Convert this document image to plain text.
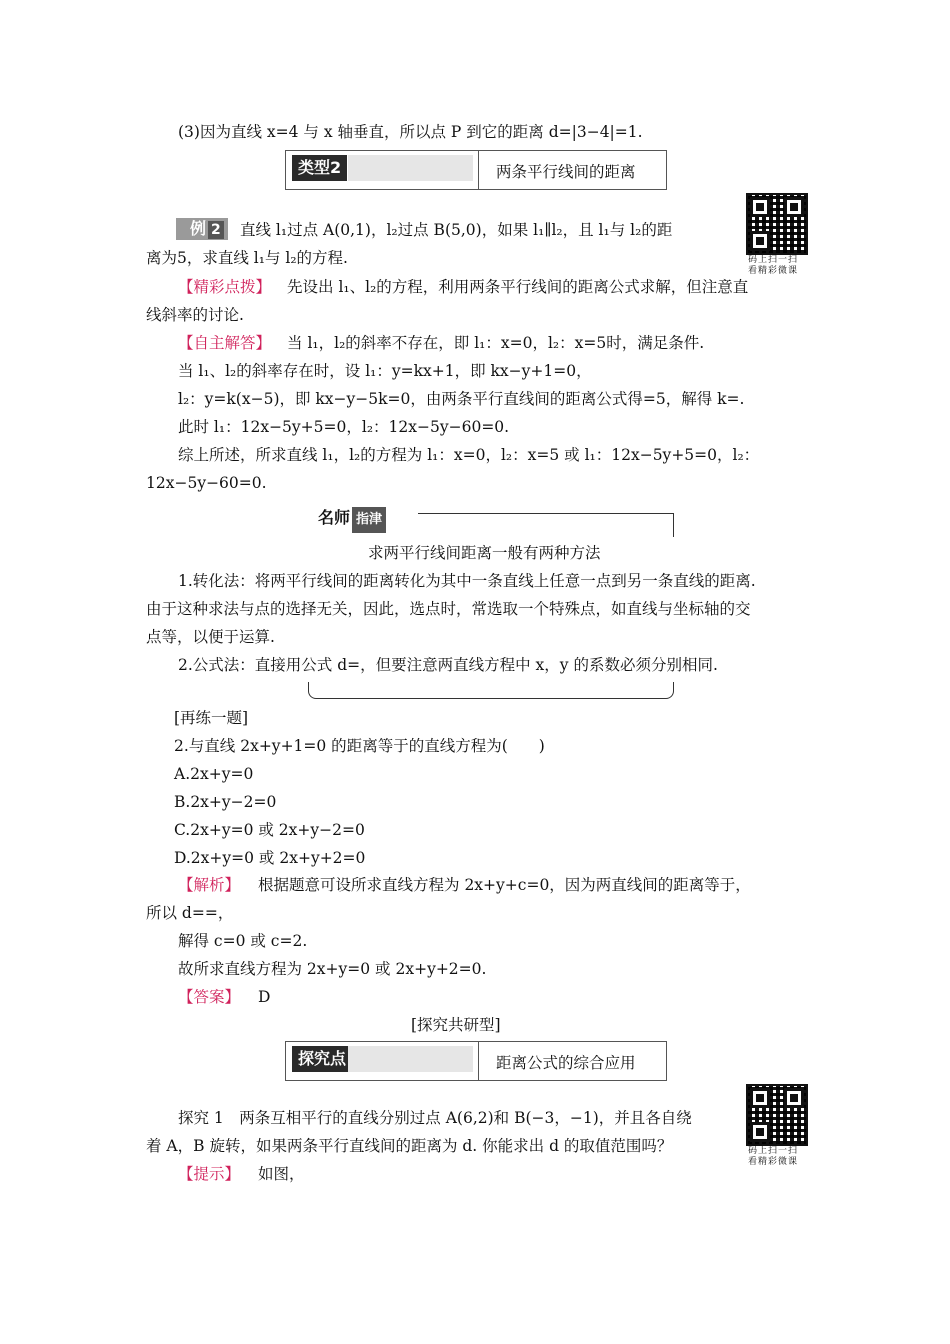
(3)因为直线 x=4 与 x 轴垂直，所以点 P 到它的距离 d=|3−4|=1.
类型2	两条平行线间的距离
例 2	直线 l₁过点 A(0,1)，l₂过点 B(5,0)，如果 l₁∥l₂，且 l₁与 l₂的距
离为5，求直线 l₁与 l₂的方程.	码上扫一扫
看精彩微课
【精彩点拨】 先设出 l₁、l₂的方程，利用两条平行线间的距离公式求解，但注意直
线斜率的讨论.
【自主解答】 当 l₁，l₂的斜率不存在，即 l₁：x=0，l₂：x=5时，满足条件.
当 l₁、l₂的斜率存在时，设 l₁：y=kx+1，即 kx−y+1=0，
l₂：y=k(x−5)，即 kx−y−5k=0，由两条平行直线间的距离公式得=5，解得 k=.
此时 l₁：12x−5y+5=0，l₂：12x−5y−60=0.
综上所述，所求直线 l₁，l₂的方程为 l₁：x=0，l₂：x=5 或 l₁：12x−5y+5=0，l₂：
12x−5y−60=0.
名师 指津
求两平行线间距离一般有两种方法
1.转化法：将两平行线间的距离转化为其中一条直线上任意一点到另一条直线的距离.
由于这种求法与点的选择无关，因此，选点时，常选取一个特殊点，如直线与坐标轴的交
点等，以便于运算.
2.公式法：直接用公式 d=，但要注意两直线方程中 x，y 的系数必须分别相同.
[再练一题]
2.与直线 2x+y+1=0 的距离等于的直线方程为(　　)
A.2x+y=0
B.2x+y−2=0
C.2x+y=0 或 2x+y−2=0
D.2x+y=0 或 2x+y+2=0
【解析】 根据题意可设所求直线方程为 2x+y+c=0，因为两直线间的距离等于，
所以 d==，
解得 c=0 或 c=2.
故所求直线方程为 2x+y=0 或 2x+y+2=0.
【答案】 D
[探究共研型]
探究点	距离公式的综合应用
码上扫一扫
看精彩微课
探究 1　两条互相平行的直线分别过点 A(6,2)和 B(−3，−1)，并且各自绕
着 A，B 旋转，如果两条平行直线间的距离为 d. 你能求出 d 的取值范围吗？
【提示】 如图，
